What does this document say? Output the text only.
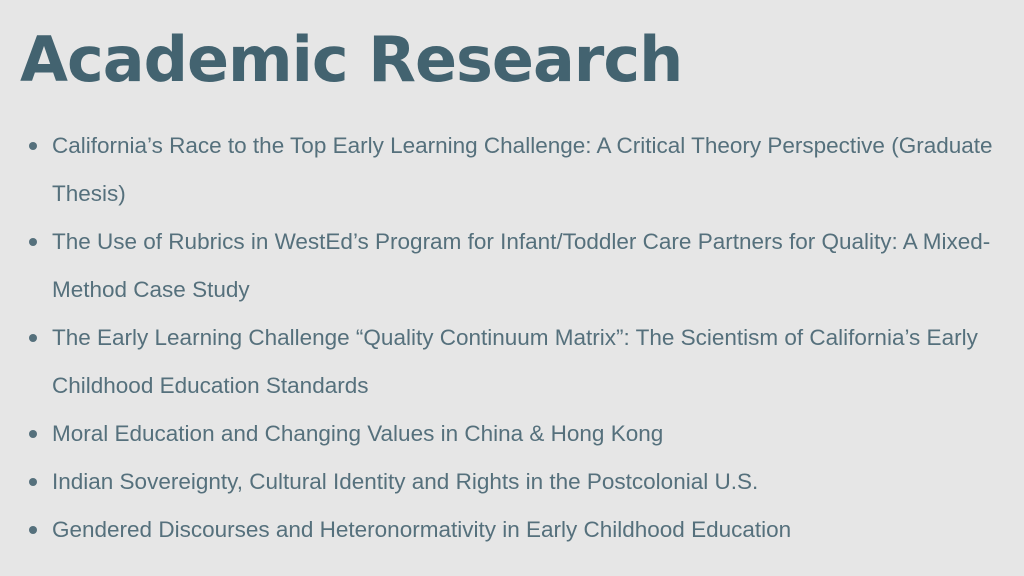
Academic Research
California’s Race to the Top Early Learning Challenge: A Critical Theory Perspective (Graduate Thesis)
The Use of Rubrics in WestEd’s Program for Infant/Toddler Care Partners for Quality: A Mixed-Method Case Study
The Early Learning Challenge “Quality Continuum Matrix”: The Scientism of California’s Early Childhood Education Standards
Moral Education and Changing Values in China & Hong Kong
Indian Sovereignty, Cultural Identity and Rights in the Postcolonial U.S.
Gendered Discourses and Heteronormativity in Early Childhood Education
